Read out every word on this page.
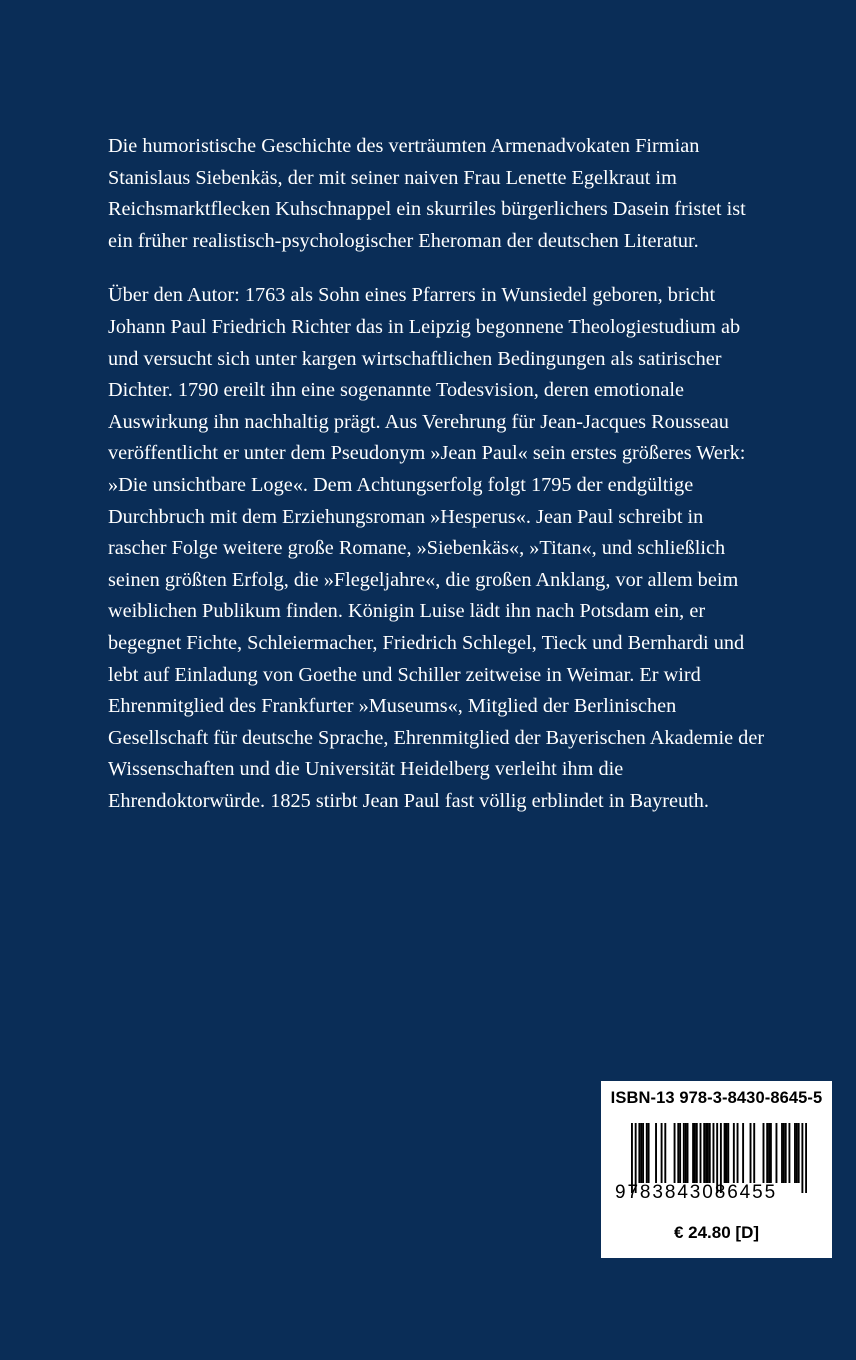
Die humoristische Geschichte des verträumten Armenadvokaten Firmian
Stanislaus Siebenkäs, der mit seiner naiven Frau Lenette Egelkraut im
Reichsmarktflecken Kuhschnappel ein skurriles bürgerlichers Dasein fristet ist
ein früher realistisch-psychologischer Eheroman der deutschen Literatur.

Über den Autor: 1763 als Sohn eines Pfarrers in Wunsiedel geboren, bricht
Johann Paul Friedrich Richter das in Leipzig begonnene Theologiestudium ab
und versucht sich unter kargen wirtschaftlichen Bedingungen als satirischer
Dichter. 1790 ereilt ihn eine sogenannte Todesvision, deren emotionale
Auswirkung ihn nachhaltig prägt. Aus Verehrung für Jean-Jacques Rousseau
veröffentlicht er unter dem Pseudonym »Jean Paul« sein erstes größeres Werk:
»Die unsichtbare Loge«. Dem Achtungserfolg folgt 1795 der endgültige
Durchbruch mit dem Erziehungsroman »Hesperus«. Jean Paul schreibt in
rascher Folge weitere große Romane, »Siebenkäs«, »Titan«, und schließlich
seinen größten Erfolg, die »Flegeljahre«, die großen Anklang, vor allem beim
weiblichen Publikum finden. Königin Luise lädt ihn nach Potsdam ein, er
begegnet Fichte, Schleiermacher, Friedrich Schlegel, Tieck und Bernhardi und
lebt auf Einladung von Goethe und Schiller zeitweise in Weimar. Er wird
Ehrenmitglied des Frankfurter »Museums«, Mitglied der Berlinischen
Gesellschaft für deutsche Sprache, Ehrenmitglied der Bayerischen Akademie der
Wissenschaften und die Universität Heidelberg verleiht ihm die
Ehrendoktorwürde. 1825 stirbt Jean Paul fast völlig erblindet in Bayreuth.

ISBN-13 978-3-8430-8645-5
9783843086455
€ 24.80 [D]
